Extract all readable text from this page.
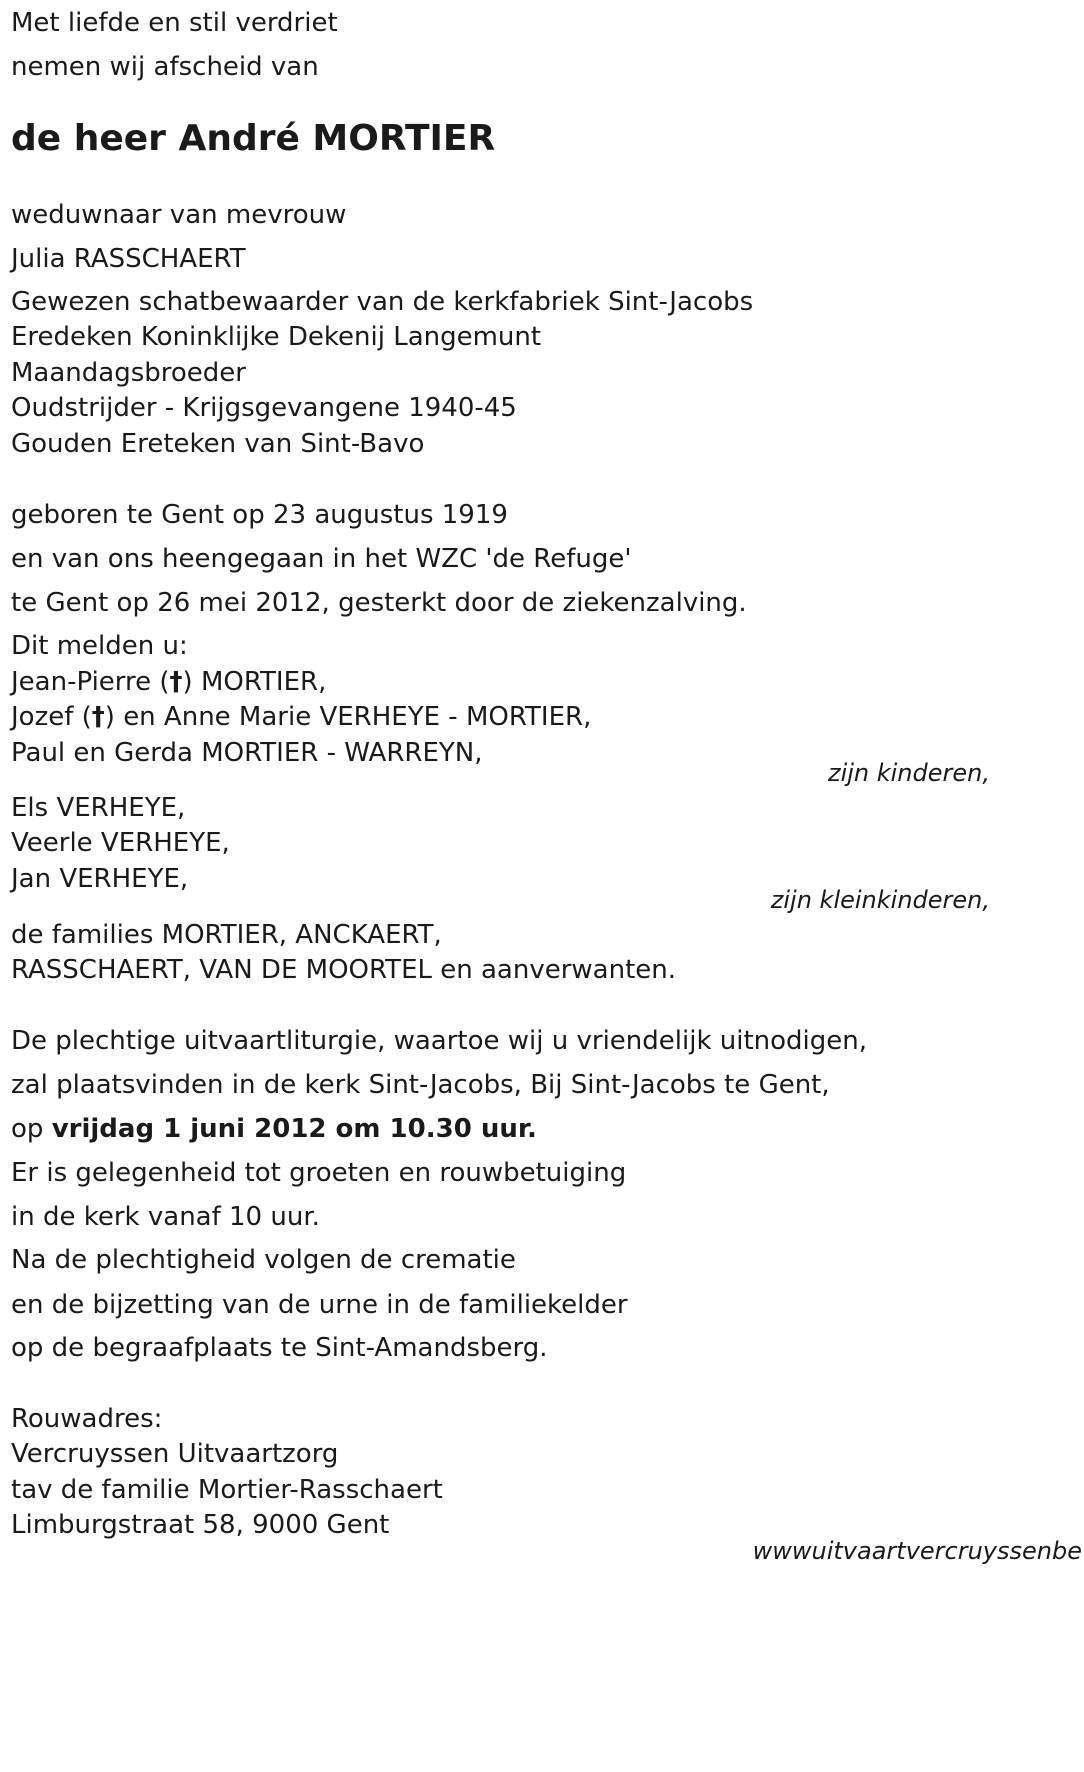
Met liefde en stil verdriet

nemen wij afscheid van

de heer André MORTIER

weduwnaar van mevrouw

Julia RASSCHAERT

Gewezen schatbewaarder van de kerkfabriek Sint-Jacobs

Eredeken Koninklijke Dekenij Langemunt

Maandagsbroeder

Oudstrijder - Krijgsgevangene 1940-45

Gouden Ereteken van Sint-Bavo

geboren te Gent op 23 augustus 1919

en van ons heengegaan in het WZC 'de Refuge'

te Gent op 26 mei 2012, gesterkt door de ziekenzalving.

Dit melden u:

Jean-Pierre (†) MORTIER,

Jozef (†) en Anne Marie VERHEYE - MORTIER,

Paul en Gerda MORTIER - WARREYN,

zijn kinderen,

Els VERHEYE,

Veerle VERHEYE,

Jan VERHEYE,

zijn kleinkinderen,

de families MORTIER, ANCKAERT,

RASSCHAERT, VAN DE MOORTEL en aanverwanten.

De plechtige uitvaartliturgie, waartoe wij u vriendelijk uitnodigen,

zal plaatsvinden in de kerk Sint-Jacobs, Bij Sint-Jacobs te Gent,

op vrijdag 1 juni 2012 om 10.30 uur.

Er is gelegenheid tot groeten en rouwbetuiging

in de kerk vanaf 10 uur.

Na de plechtigheid volgen de crematie

en de bijzetting van de urne in de familiekelder

op de begraafplaats te Sint-Amandsberg.

Rouwadres:

Vercruyssen Uitvaartzorg

tav de familie Mortier-Rasschaert

Limburgstraat 58, 9000 Gent

wwwuitvaartvercruyssenbe
